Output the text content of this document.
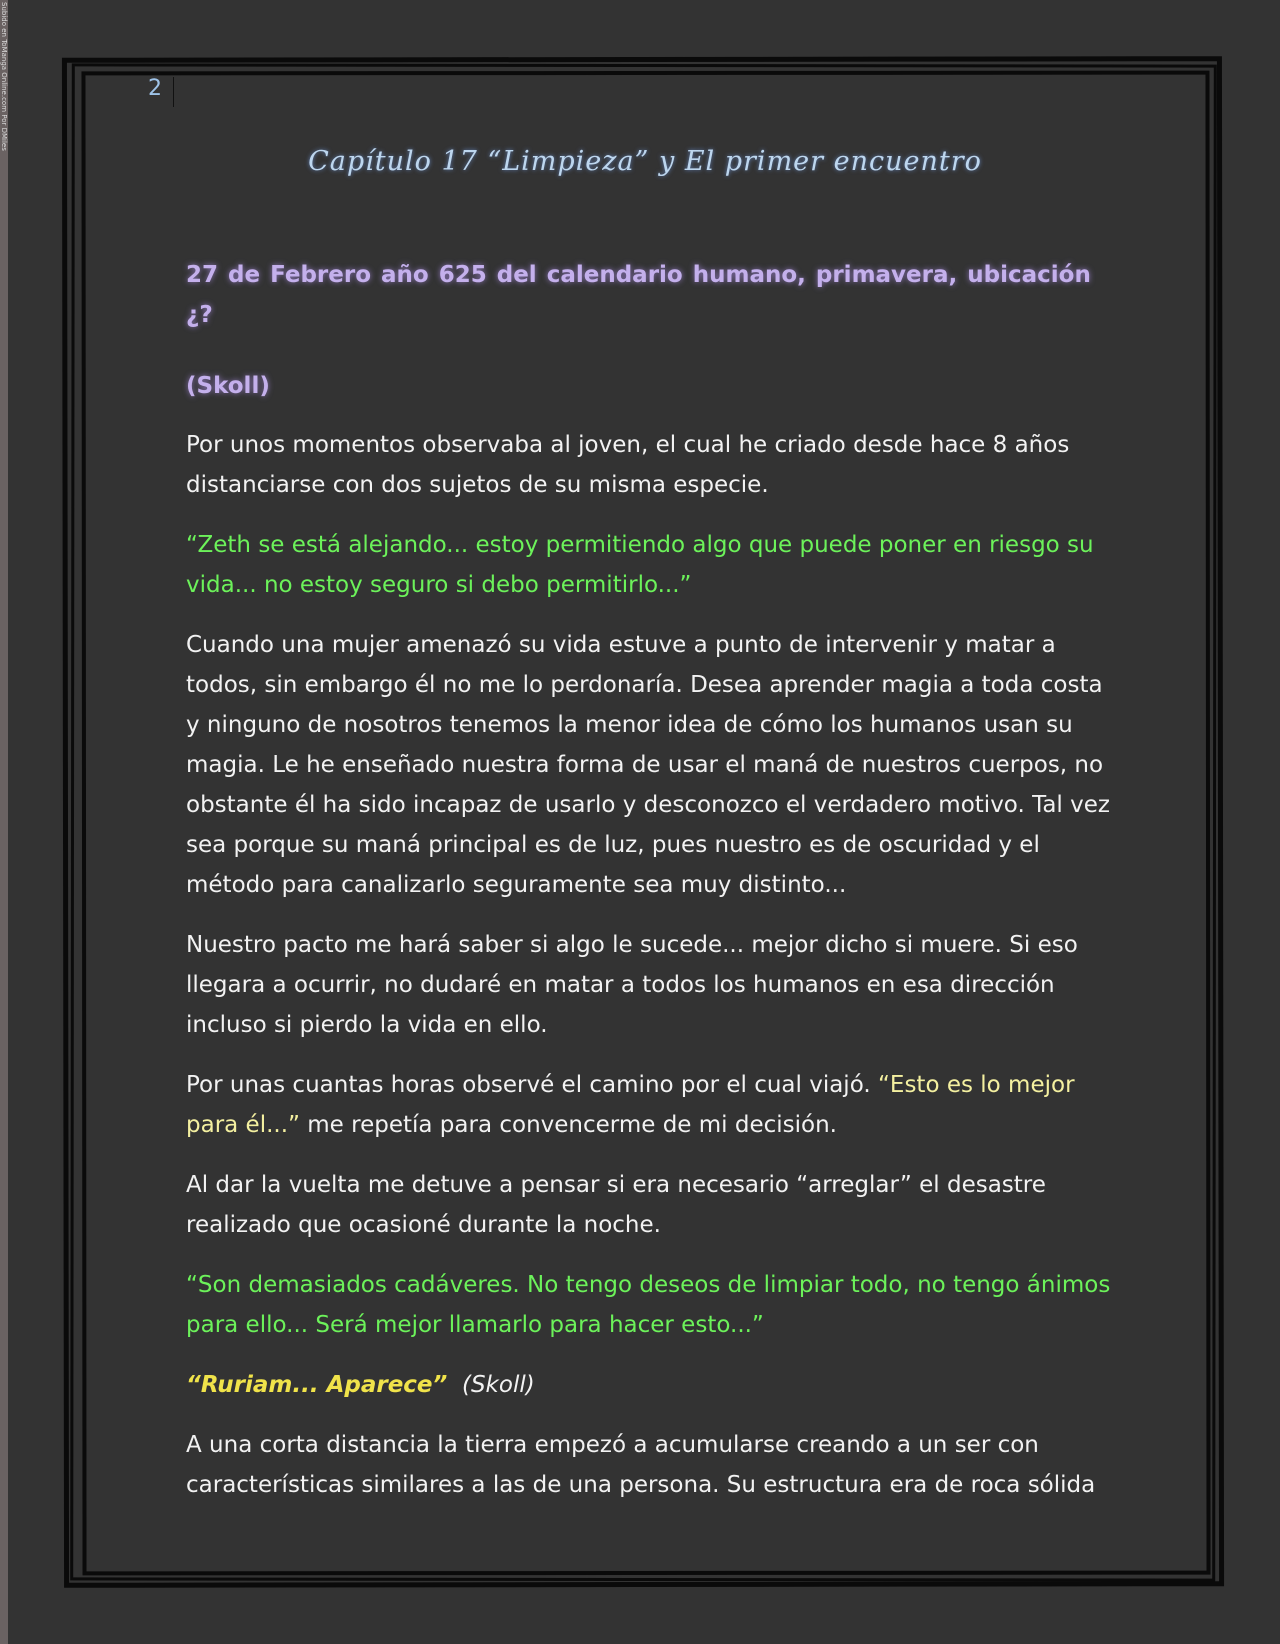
Subido en ToManga Online.com Por DMiles	2
Capítulo 17 “Limpieza” y El primer encuentro

27 de Febrero año 625 del calendario humano, primavera, ubicación ¿?

(Skoll)

Por unos momentos observaba al joven, el cual he criado desde hace 8 años distanciarse con dos sujetos de su misma especie.

“Zeth se está alejando... estoy permitiendo algo que puede poner en riesgo su vida... no estoy seguro si debo permitirlo...”

Cuando una mujer amenazó su vida estuve a punto de intervenir y matar a todos, sin embargo él no me lo perdonaría. Desea aprender magia a toda costa y ninguno de nosotros tenemos la menor idea de cómo los humanos usan su magia. Le he enseñado nuestra forma de usar el maná de nuestros cuerpos, no obstante él ha sido incapaz de usarlo y desconozco el verdadero motivo. Tal vez sea porque su maná principal es de luz, pues nuestro es de oscuridad y el método para canalizarlo seguramente sea muy distinto...

Nuestro pacto me hará saber si algo le sucede... mejor dicho si muere. Si eso llegara a ocurrir, no dudaré en matar a todos los humanos en esa dirección incluso si pierdo la vida en ello.

Por unas cuantas horas observé el camino por el cual viajó. “Esto es lo mejor para él...” me repetía para convencerme de mi decisión.

Al dar la vuelta me detuve a pensar si era necesario “arreglar” el desastre realizado que ocasioné durante la noche.

“Son demasiados cadáveres. No tengo deseos de limpiar todo, no tengo ánimos para ello... Será mejor llamarlo para hacer esto...”

“Ruriam... Aparece” (Skoll)

A una corta distancia la tierra empezó a acumularse creando a un ser con características similares a las de una persona. Su estructura era de roca sólida
